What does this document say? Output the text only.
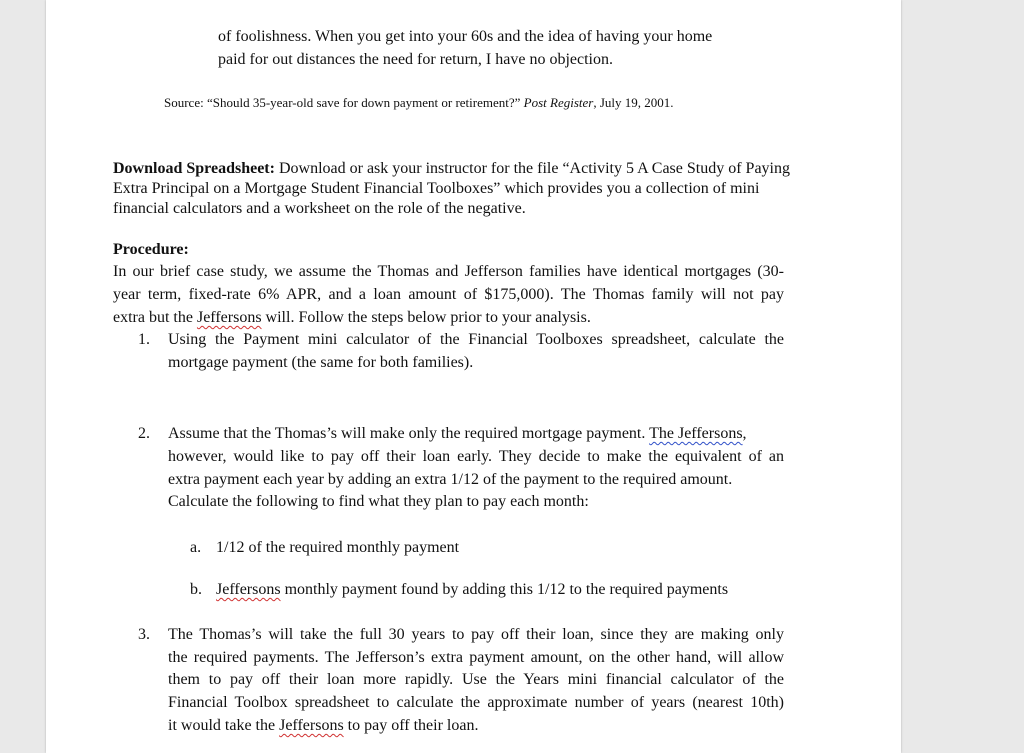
of foolishness. When you get into your 60s and the idea of having your home
paid for out distances the need for return, I have no objection.
Source: “Should 35-year-old save for down payment or retirement?” Post Register, July 19, 2001.
Download Spreadsheet: Download or ask your instructor for the file “Activity 5 A Case Study of Paying
Extra Principal on a Mortgage Student Financial Toolboxes” which provides you a collection of mini
financial calculators and a worksheet on the role of the negative.
Procedure:
In our brief case study, we assume the Thomas and Jefferson families have identical mortgages (30-
year term, fixed-rate 6% APR, and a loan amount of $175,000). The Thomas family will not pay
extra but the Jeffersons will. Follow the steps below prior to your analysis.
1. Using the Payment mini calculator of the Financial Toolboxes spreadsheet, calculate the
mortgage payment (the same for both families).
2. Assume that the Thomas’s will make only the required mortgage payment. The Jeffersons,
however, would like to pay off their loan early. They decide to make the equivalent of an
extra payment each year by adding an extra 1/12 of the payment to the required amount.
Calculate the following to find what they plan to pay each month:
a. 1/12 of the required monthly payment
b. Jeffersons monthly payment found by adding this 1/12 to the required payments
3. The Thomas’s will take the full 30 years to pay off their loan, since they are making only
the required payments. The Jefferson’s extra payment amount, on the other hand, will allow
them to pay off their loan more rapidly. Use the Years mini financial calculator of the
Financial Toolbox spreadsheet to calculate the approximate number of years (nearest 10th)
it would take the Jeffersons to pay off their loan.
